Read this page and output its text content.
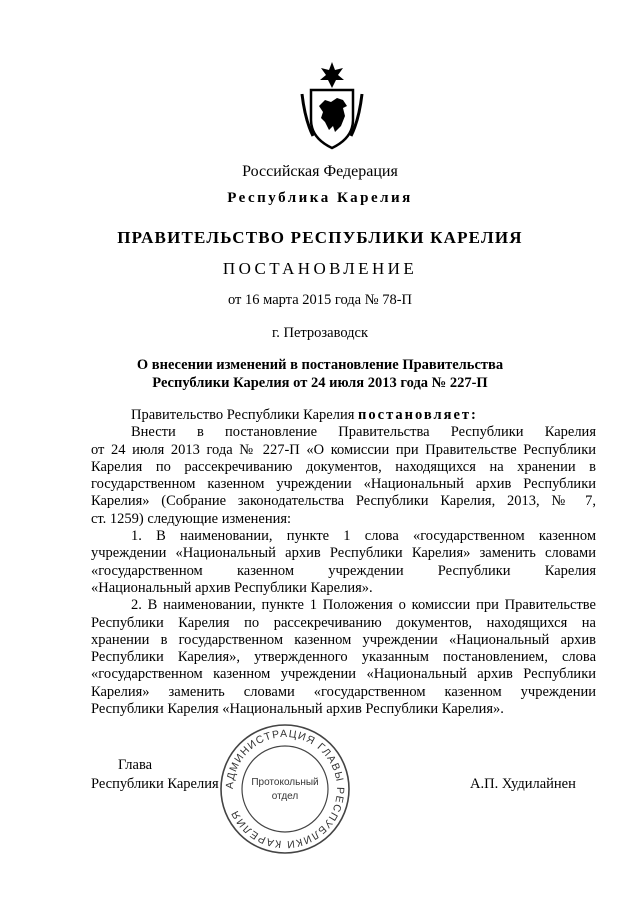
Российская Федерация
Республика Карелия
ПРАВИТЕЛЬСТВО РЕСПУБЛИКИ КАРЕЛИЯ
ПОСТАНОВЛЕНИЕ
от 16 марта 2015 года № 78-П
г. Петрозаводск
О внесении изменений в постановление Правительства
Республики Карелия от 24 июля 2013 года № 227-П
Правительство Республики Карелия постановляет:
Внести в постановление Правительства Республики Карелия
от 24 июля 2013 года № 227-П «О комиссии при Правительстве Республики
Карелия по рассекречиванию документов, находящихся на хранении в
государственном казенном учреждении «Национальный архив Республики
Карелия» (Собрание законодательства Республики Карелия, 2013, № 7,
ст. 1259) следующие изменения:
1. В наименовании, пункте 1 слова «государственном казенном
учреждении «Национальный архив Республики Карелия» заменить словами
«государственном казенном учреждении Республики Карелия
«Национальный архив Республики Карелия».
2. В наименовании, пункте 1 Положения о комиссии при Правительстве
Республики Карелия по рассекречиванию документов, находящихся на
хранении в государственном казенном учреждении «Национальный архив
Республики Карелия», утвержденного указанным постановлением, слова
«государственном казенном учреждении «Национальный архив Республики
Карелия» заменить словами «государственном казенном учреждении
Республики Карелия «Национальный архив Республики Карелия».
Глава
Республики Карелия	А.П. Худилайнен
АДМИНИСТРАЦИЯ ГЛАВЫ РЕСПУБЛИКИ КАРЕЛИЯ
Протокольный
отдел
